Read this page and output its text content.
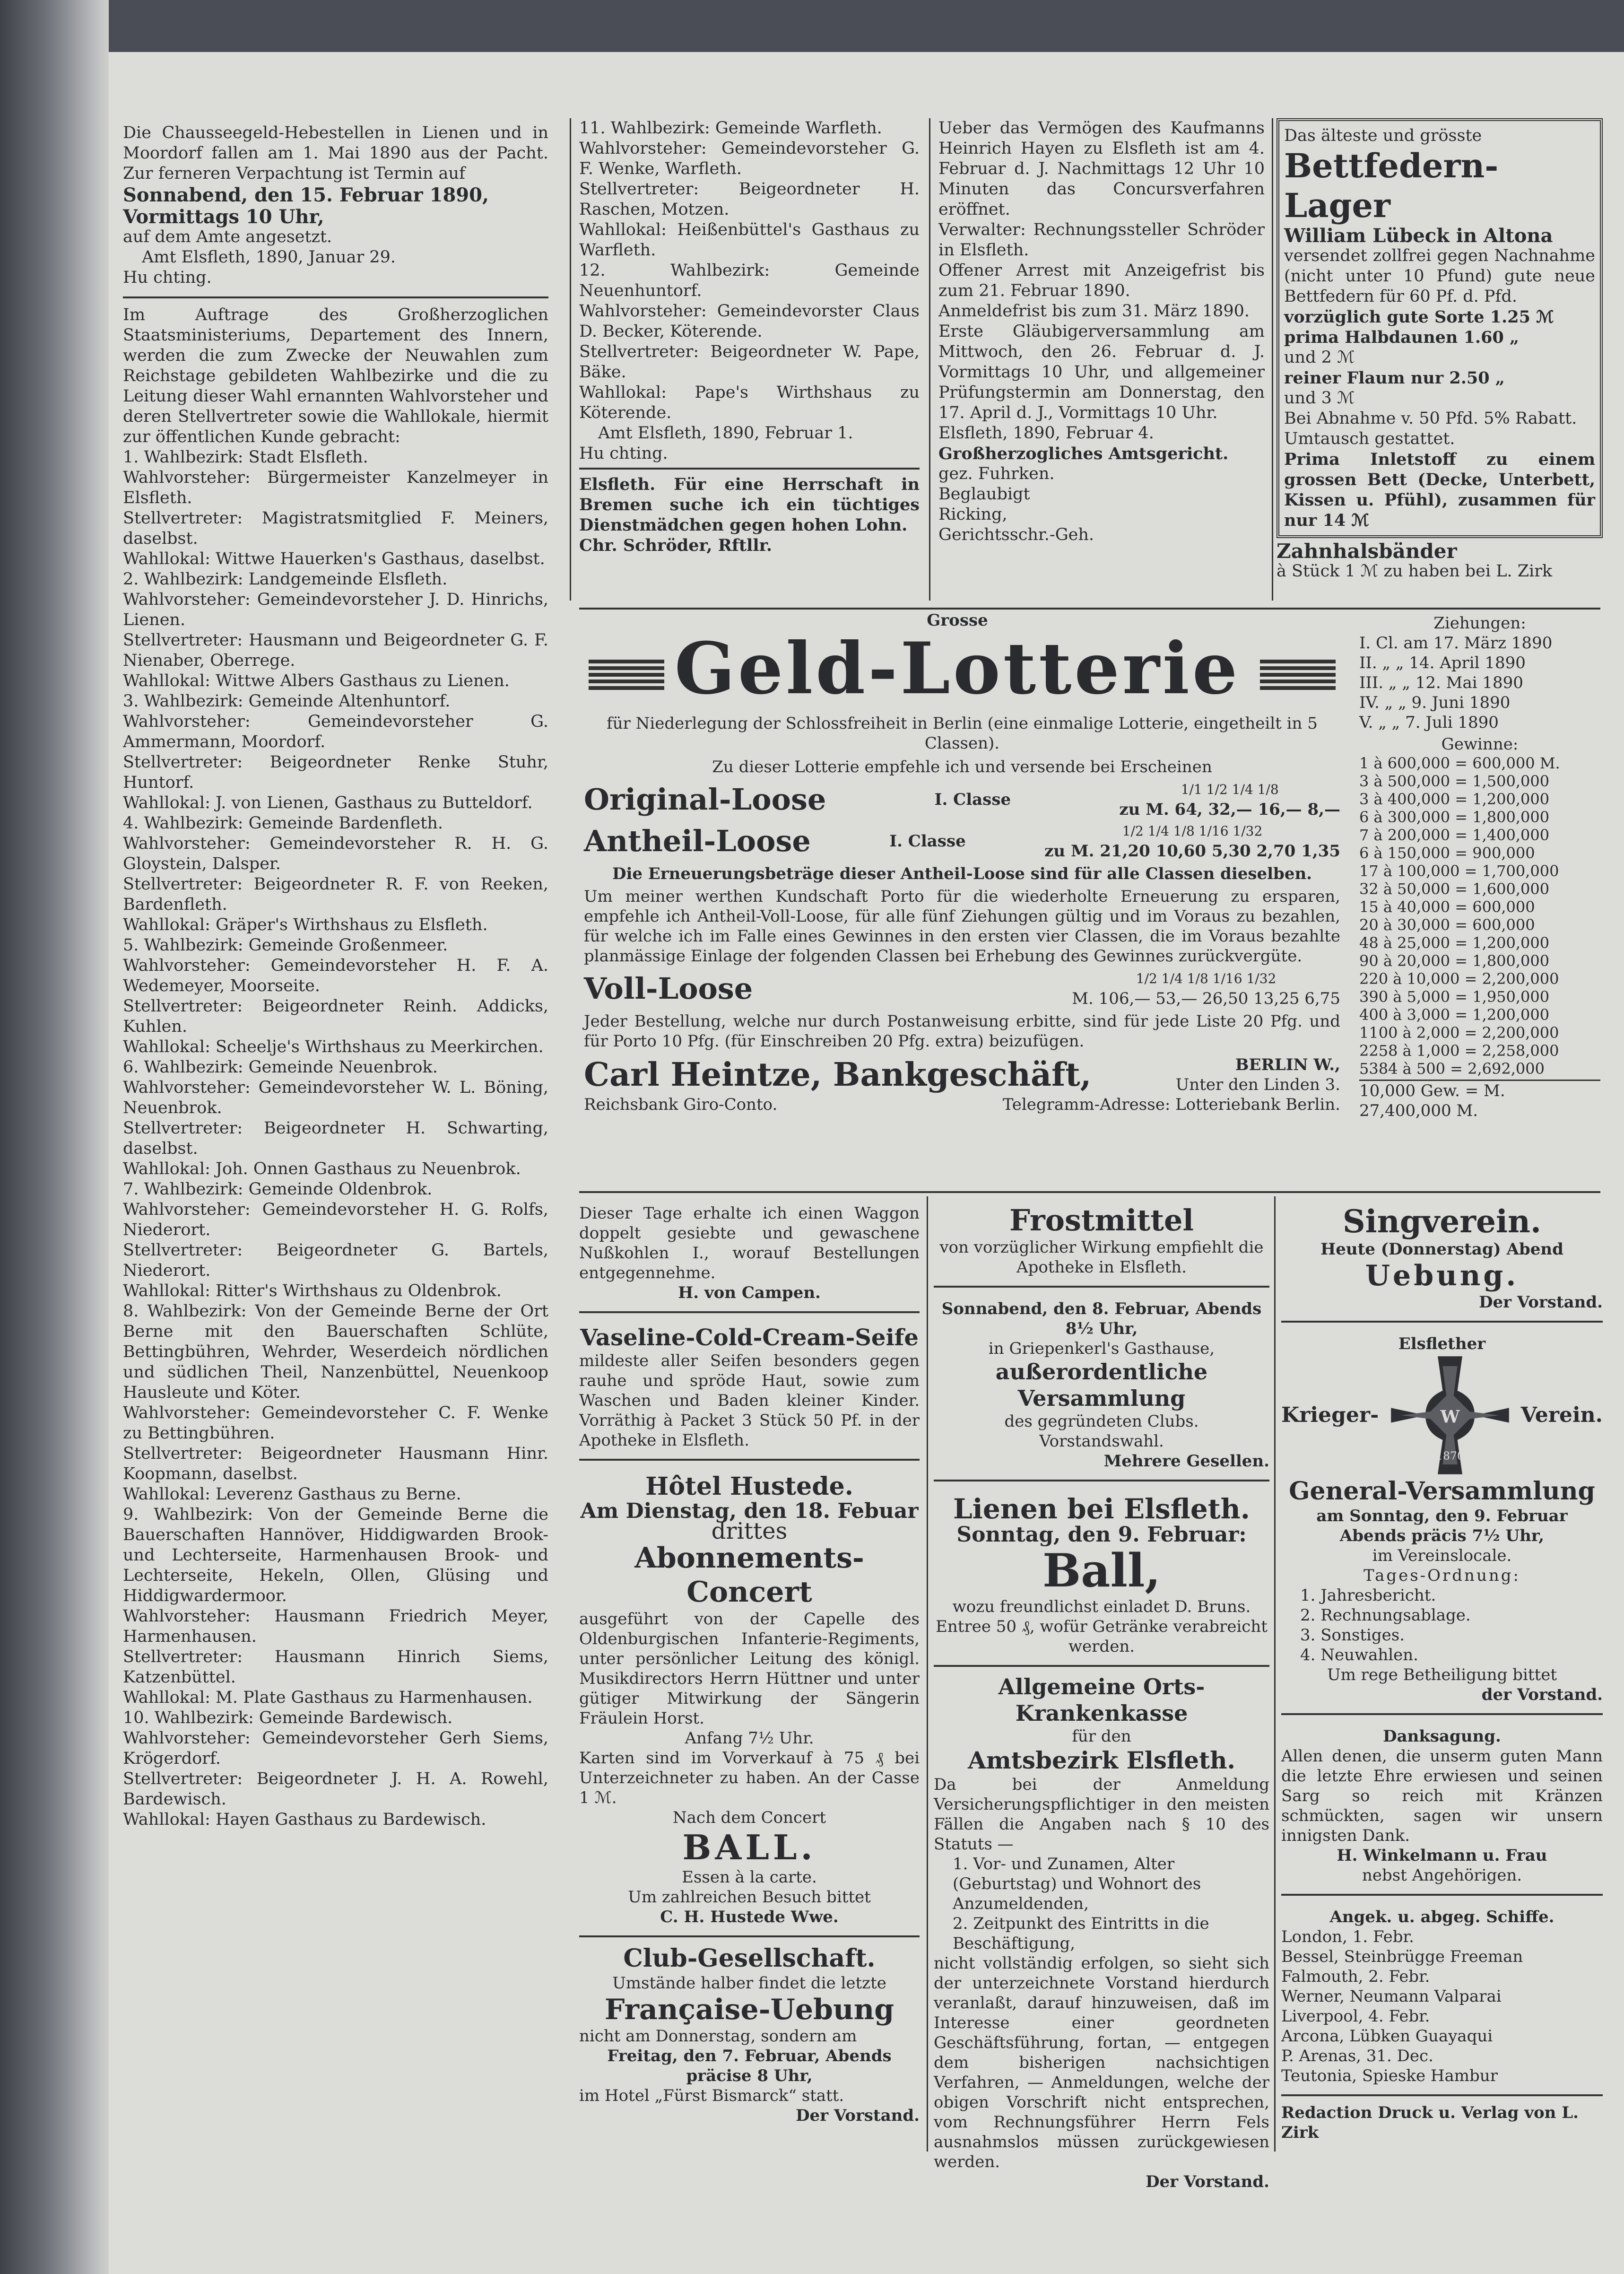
Die Chausseegeld-Hebestellen in Lienen und in Moordorf fallen am 1. Mai 1890 aus der Pacht. Zur ferneren Verpachtung ist Termin auf

Sonnabend, den 15. Februar 1890,

Vormittags 10 Uhr,

auf dem Amte angesetzt.

Amt Elsfleth, 1890, Januar 29.

Hu chting.

Im Auftrage des Großherzoglichen Staatsministeriums, Departement des Innern, werden die zum Zwecke der Neuwahlen zum Reichstage gebildeten Wahlbezirke und die zu Leitung dieser Wahl ernannten Wahlvorsteher und deren Stellvertreter sowie die Wahllokale, hiermit zur öffentlichen Kunde gebracht:

1. Wahlbezirk: Stadt Elsfleth.

Wahlvorsteher: Bürgermeister Kanzelmeyer in Elsfleth.

Stellvertreter: Magistratsmitglied F. Meiners, daselbst.

Wahllokal: Wittwe Hauerken's Gasthaus, daselbst.

2. Wahlbezirk: Landgemeinde Elsfleth.

Wahlvorsteher: Gemeindevorsteher J. D. Hinrichs, Lienen.

Stellvertreter: Hausmann und Beigeordneter G. F. Nienaber, Oberrege.

Wahllokal: Wittwe Albers Gasthaus zu Lienen.

3. Wahlbezirk: Gemeinde Altenhuntorf.

Wahlvorsteher: Gemeindevorsteher G. Ammermann, Moordorf.

Stellvertreter: Beigeordneter Renke Stuhr, Huntorf.

Wahllokal: J. von Lienen, Gasthaus zu Butteldorf.

4. Wahlbezirk: Gemeinde Bardenfleth.

Wahlvorsteher: Gemeindevorsteher R. H. G. Gloystein, Dalsper.

Stellvertreter: Beigeordneter R. F. von Reeken, Bardenfleth.

Wahllokal: Gräper's Wirthshaus zu Elsfleth.

5. Wahlbezirk: Gemeinde Großenmeer.

Wahlvorsteher: Gemeindevorsteher H. F. A. Wedemeyer, Moorseite.

Stellvertreter: Beigeordneter Reinh. Addicks, Kuhlen.

Wahllokal: Scheelje's Wirthshaus zu Meerkirchen.

6. Wahlbezirk: Gemeinde Neuenbrok.

Wahlvorsteher: Gemeindevorsteher W. L. Böning, Neuenbrok.

Stellvertreter: Beigeordneter H. Schwarting, daselbst.

Wahllokal: Joh. Onnen Gasthaus zu Neuenbrok.

7. Wahlbezirk: Gemeinde Oldenbrok.

Wahlvorsteher: Gemeindevorsteher H. G. Rolfs, Niederort.

Stellvertreter: Beigeordneter G. Bartels, Niederort.

Wahllokal: Ritter's Wirthshaus zu Oldenbrok.

8. Wahlbezirk: Von der Gemeinde Berne der Ort Berne mit den Bauerschaften Schlüte, Bettingbühren, Wehrder, Weserdeich nördlichen und südlichen Theil, Nanzenbüttel, Neuenkoop Hausleute und Köter.

Wahlvorsteher: Gemeindevorsteher C. F. Wenke zu Bettingbühren.

Stellvertreter: Beigeordneter Hausmann Hinr. Koopmann, daselbst.

Wahllokal: Leverenz Gasthaus zu Berne.

9. Wahlbezirk: Von der Gemeinde Berne die Bauerschaften Hannöver, Hiddigwarden Brook- und Lechterseite, Harmenhausen Brook- und Lechterseite, Hekeln, Ollen, Glüsing und Hiddigwardermoor.

Wahlvorsteher: Hausmann Friedrich Meyer, Harmenhausen.

Stellvertreter: Hausmann Hinrich Siems, Katzenbüttel.

Wahllokal: M. Plate Gasthaus zu Harmenhausen.

10. Wahlbezirk: Gemeinde Bardewisch.

Wahlvorsteher: Gemeindevorsteher Gerh Siems, Krögerdorf.

Stellvertreter: Beigeordneter J. H. A. Rowehl, Bardewisch.

Wahllokal: Hayen Gasthaus zu Bardewisch.

11. Wahlbezirk: Gemeinde Warfleth.

Wahlvorsteher: Gemeindevorsteher G. F. Wenke, Warfleth.

Stellvertreter: Beigeordneter H. Raschen, Motzen.

Wahllokal: Heißenbüttel's Gasthaus zu Warfleth.

12. Wahlbezirk: Gemeinde Neuenhuntorf.

Wahlvorsteher: Gemeindevorster Claus D. Becker, Köterende.

Stellvertreter: Beigeordneter W. Pape, Bäke.

Wahllokal: Pape's Wirthshaus zu Köterende.

Amt Elsfleth, 1890, Februar 1.

Hu chting.

Elsfleth. Für eine Herrschaft in Bremen suche ich ein tüchtiges Dienstmädchen gegen hohen Lohn.

Chr. Schröder, Rftllr.

Ueber das Vermögen des Kaufmanns Heinrich Hayen zu Elsfleth ist am 4. Februar d. J. Nachmittags 12 Uhr 10 Minuten das Concursverfahren eröffnet.

Verwalter: Rechnungssteller Schröder in Elsfleth.

Offener Arrest mit Anzeigefrist bis zum 21. Februar 1890.

Anmeldefrist bis zum 31. März 1890.

Erste Gläubigerversammlung am Mittwoch, den 26. Februar d. J. Vormittags 10 Uhr, und allgemeiner Prüfungstermin am Donnerstag, den 17. April d. J., Vormittags 10 Uhr.

Elsfleth, 1890, Februar 4.

Großherzogliches Amtsgericht.

gez. Fuhrken.

Beglaubigt

Ricking,

Gerichtsschr.-Geh.

Das älteste und grösste

Bettfedern-Lager

William Lübeck in Altona

versendet zollfrei gegen Nachnahme (nicht unter 10 Pfund) gute neue Bettfedern für 60 Pf. d. Pfd.

vorzüglich gute Sorte 1.25 ℳ

prima Halbdaunen 1.60 „

und 2 ℳ

reiner Flaum nur 2.50 „

und 3 ℳ

Bei Abnahme v. 50 Pfd. 5% Rabatt.

Umtausch gestattet.

Prima Inletstoff zu einem grossen Bett (Decke, Unterbett, Kissen u. Pfühl), zusammen für nur 14 ℳ

Zahnhalsbänder

à Stück 1 ℳ zu haben bei L. Zirk

Grosse

Geld-Lotterie

für Niederlegung der Schlossfreiheit in Berlin (eine einmalige Lotterie, eingetheilt in 5 Classen).

Zu dieser Lotterie empfehle ich und versende bei Erscheinen

Original-Loose	I. Classe
1/1 1/2 1/4 1/8
zu M. 64, 32,— 16,— 8,—
Antheil-Loose	I. Classe
1/2 1/4 1/8 1/16 1/32
zu M. 21,20 10,60 5,30 2,70 1,35

Die Erneuerungsbeträge dieser Antheil-Loose sind für alle Classen dieselben.

Um meiner werthen Kundschaft Porto für die wiederholte Erneuerung zu ersparen, empfehle ich Antheil-Voll-Loose, für alle fünf Ziehungen gültig und im Voraus zu bezahlen, für welche ich im Falle eines Gewinnes in den ersten vier Classen, die im Voraus bezahlte planmässige Einlage der folgenden Classen bei Erhebung des Gewinnes zurückvergüte.

Voll-Loose	1/2 1/4 1/8 1/16 1/32
M. 106,— 53,— 26,50 13,25 6,75

Jeder Bestellung, welche nur durch Postanweisung erbitte, sind für jede Liste 20 Pfg. und für Porto 10 Pfg. (für Einschreiben 20 Pfg. extra) beizufügen.

Carl Heintze, Bankgeschäft,	BERLIN W.,
Unter den Linden 3.
Reichsbank Giro-Conto.	Telegramm-Adresse: Lotteriebank Berlin.

Ziehungen:

I. Cl. am 17. März 1890

II. „ „ 14. April 1890

III. „ „ 12. Mai 1890

IV. „ „ 9. Juni 1890

V. „ „ 7. Juli 1890

Gewinne:

1 à 600,000 = 600,000 M.

3 à 500,000 = 1,500,000

3 à 400,000 = 1,200,000

6 à 300,000 = 1,800,000

7 à 200,000 = 1,400,000

6 à 150,000 = 900,000

17 à 100,000 = 1,700,000

32 à 50,000 = 1,600,000

15 à 40,000 = 600,000

20 à 30,000 = 600,000

48 à 25,000 = 1,200,000

90 à 20,000 = 1,800,000

220 à 10,000 = 2,200,000

390 à 5,000 = 1,950,000

400 à 3,000 = 1,200,000

1100 à 2,000 = 2,200,000

2258 à 1,000 = 2,258,000

5384 à 500 = 2,692,000

10,000 Gew. = M. 27,400,000 M.

Dieser Tage erhalte ich einen Waggon doppelt gesiebte und gewaschene Nußkohlen I., worauf Bestellungen entgegennehme.

H. von Campen.

Vaseline-Cold-Cream-Seife

mildeste aller Seifen besonders gegen rauhe und spröde Haut, sowie zum Waschen und Baden kleiner Kinder. Vorräthig à Packet 3 Stück 50 Pf. in der Apotheke in Elsfleth.

Hôtel Hustede.

Am Dienstag, den 18. Febuar

drittes

Abonnements-Concert

ausgeführt von der Capelle des Oldenburgischen Infanterie-Regiments, unter persönlicher Leitung des königl. Musikdirectors Herrn Hüttner und unter gütiger Mitwirkung der Sängerin Fräulein Horst.

Anfang 7½ Uhr.

Karten sind im Vorverkauf à 75 ₰ bei Unterzeichneter zu haben. An der Casse 1 ℳ.

Nach dem Concert

BALL.

Essen à la carte.

Um zahlreichen Besuch bittet

C. H. Hustede Wwe.

Club-Gesellschaft.

Umstände halber findet die letzte

Française-Uebung

nicht am Donnerstag, sondern am

Freitag, den 7. Februar, Abends präcise 8 Uhr,

im Hotel „Fürst Bismarck“ statt.

Der Vorstand.

Frostmittel

von vorzüglicher Wirkung empfiehlt die Apotheke in Elsfleth.

Sonnabend, den 8. Februar, Abends 8½ Uhr,

in Griepenkerl's Gasthause,

außerordentliche Versammlung

des gegründeten Clubs.

Vorstandswahl.

Mehrere Gesellen.

Lienen bei Elsfleth.

Sonntag, den 9. Februar:

Ball,

wozu freundlichst einladet D. Bruns.

Entree 50 ₰, wofür Getränke verabreicht werden.

Allgemeine Orts-Krankenkasse

für den

Amtsbezirk Elsfleth.

Da bei der Anmeldung Versicherungspflichtiger in den meisten Fällen die Angaben nach § 10 des Statuts —

1. Vor- und Zunamen, Alter (Geburtstag) und Wohnort des Anzumeldenden,

2. Zeitpunkt des Eintritts in die Beschäftigung,

nicht vollständig erfolgen, so sieht sich der unterzeichnete Vorstand hierdurch veranlaßt, darauf hinzuweisen, daß im Interesse einer geordneten Geschäftsführung, fortan, — entgegen dem bisherigen nachsichtigen Verfahren, — Anmeldungen, welche der obigen Vorschrift nicht entsprechen, vom Rechnungsführer Herrn Fels ausnahmslos müssen zurückgewiesen werden.

Der Vorstand.

Singverein.

Heute (Donnerstag) Abend

Uebung.

Der Vorstand.

Elsflether

Krieger-	W
1870
Verein.

General-Versammlung

am Sonntag, den 9. Februar Abends präcis 7½ Uhr,

im Vereinslocale.

Tages-Ordnung:

1. Jahresbericht.

2. Rechnungsablage.

3. Sonstiges.

4. Neuwahlen.

Um rege Betheiligung bittet

der Vorstand.

Danksagung.

Allen denen, die unserm guten Mann die letzte Ehre erwiesen und seinen Sarg so reich mit Kränzen schmückten, sagen wir unsern innigsten Dank.

H. Winkelmann u. Frau

nebst Angehörigen.

Angek. u. abgeg. Schiffe.

London, 1. Febr.

Bessel, Steinbrügge Freeman

Falmouth, 2. Febr.

Werner, Neumann Valparai

Liverpool, 4. Febr.

Arcona, Lübken Guayaqui

P. Arenas, 31. Dec.

Teutonia, Spieske Hambur

Redaction Druck u. Verlag von L. Zirk
